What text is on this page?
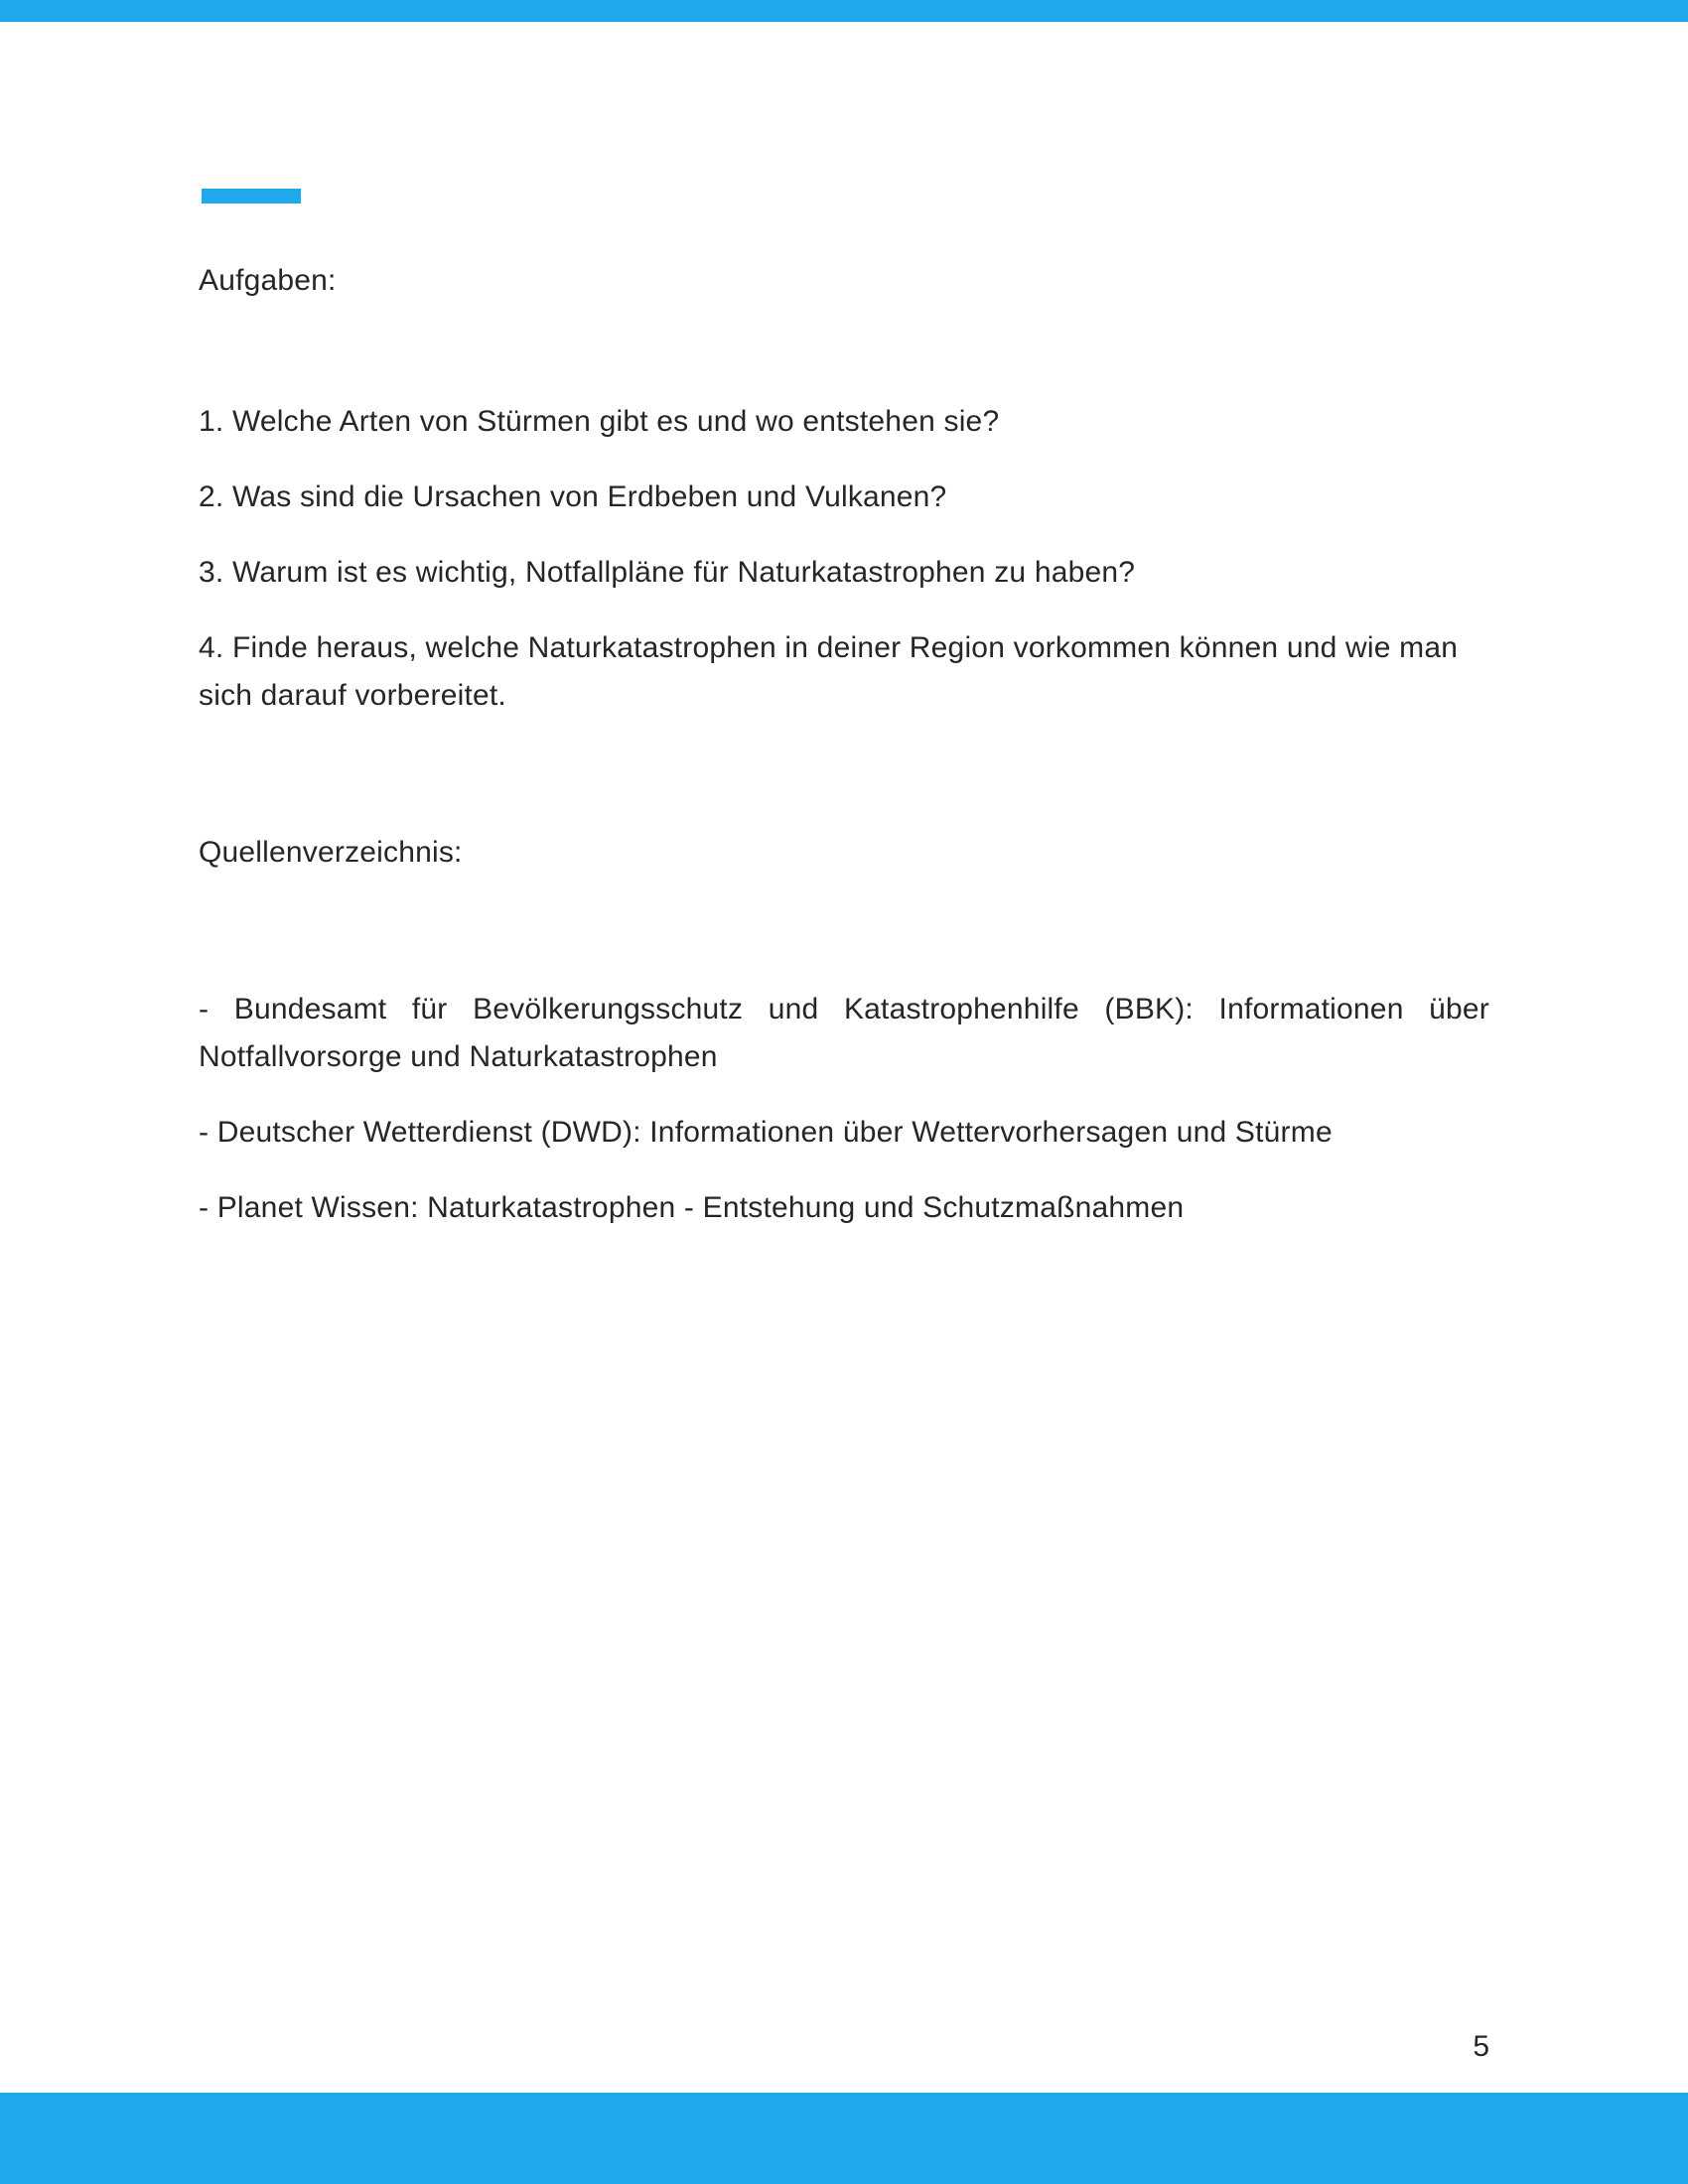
Aufgaben:

1. Welche Arten von Stürmen gibt es und wo entstehen sie?

2. Was sind die Ursachen von Erdbeben und Vulkanen?

3. Warum ist es wichtig, Notfallpläne für Naturkatastrophen zu haben?

4. Finde heraus, welche Naturkatastrophen in deiner Region vorkommen können und wie man sich darauf vorbereitet.

Quellenverzeichnis:

- Bundesamt für Bevölkerungsschutz und Katastrophenhilfe (BBK): Informationen über Notfallvorsorge und Naturkatastrophen

- Deutscher Wetterdienst (DWD): Informationen über Wettervorhersagen und Stürme

- Planet Wissen: Naturkatastrophen - Entstehung und Schutzmaßnahmen

5
